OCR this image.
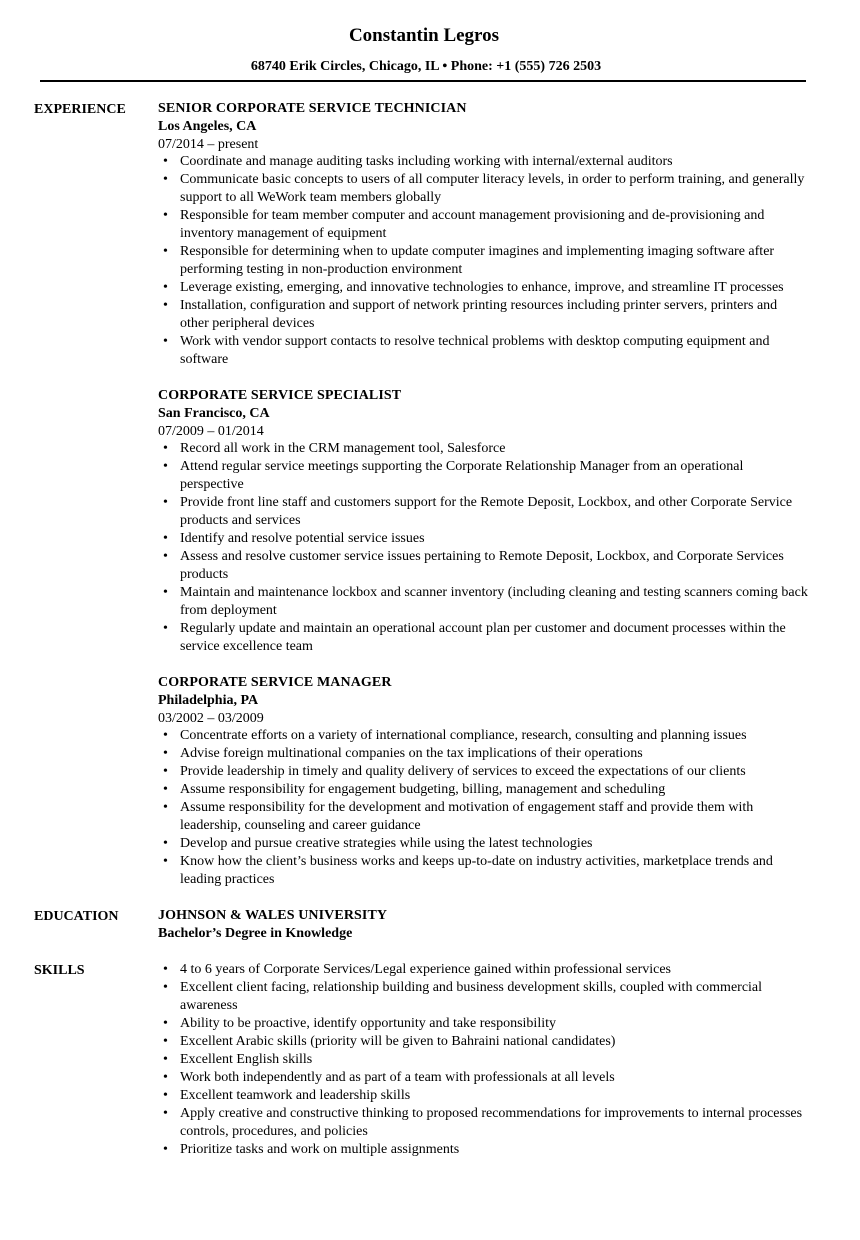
Constantin Legros
68740 Erik Circles, Chicago, IL • Phone: +1 (555) 726 2503
EXPERIENCE	SENIOR CORPORATE SERVICE TECHNICIAN
Los Angeles, CA
07/2014 – present
• Coordinate and manage auditing tasks including working with internal/external auditors
• Communicate basic concepts to users of all computer literacy levels, in order to perform training, and generally support to all WeWork team members globally
• Responsible for team member computer and account management provisioning and de-provisioning and inventory management of equipment
• Responsible for determining when to update computer imagines and implementing imaging software after performing testing in non-production environment
• Leverage existing, emerging, and innovative technologies to enhance, improve, and streamline IT processes
• Installation, configuration and support of network printing resources including printer servers, printers and other peripheral devices
• Work with vendor support contacts to resolve technical problems with desktop computing equipment and software
CORPORATE SERVICE SPECIALIST
San Francisco, CA
07/2009 – 01/2014
• Record all work in the CRM management tool, Salesforce
• Attend regular service meetings supporting the Corporate Relationship Manager from an operational perspective
• Provide front line staff and customers support for the Remote Deposit, Lockbox, and other Corporate Service products and services
• Identify and resolve potential service issues
• Assess and resolve customer service issues pertaining to Remote Deposit, Lockbox, and Corporate Services products
• Maintain and maintenance lockbox and scanner inventory (including cleaning and testing scanners coming back from deployment
• Regularly update and maintain an operational account plan per customer and document processes within the service excellence team
CORPORATE SERVICE MANAGER
Philadelphia, PA
03/2002 – 03/2009
• Concentrate efforts on a variety of international compliance, research, consulting and planning issues
• Advise foreign multinational companies on the tax implications of their operations
• Provide leadership in timely and quality delivery of services to exceed the expectations of our clients
• Assume responsibility for engagement budgeting, billing, management and scheduling
• Assume responsibility for the development and motivation of engagement staff and provide them with leadership, counseling and career guidance
• Develop and pursue creative strategies while using the latest technologies
• Know how the client’s business works and keeps up-to-date on industry activities, marketplace trends and leading practices
EDUCATION	JOHNSON & WALES UNIVERSITY
Bachelor’s Degree in Knowledge
SKILLS	• 4 to 6 years of Corporate Services/Legal experience gained within professional services
• Excellent client facing, relationship building and business development skills, coupled with commercial awareness
• Ability to be proactive, identify opportunity and take responsibility
• Excellent Arabic skills (priority will be given to Bahraini national candidates)
• Excellent English skills
• Work both independently and as part of a team with professionals at all levels
• Excellent teamwork and leadership skills
• Apply creative and constructive thinking to proposed recommendations for improvements to internal processes controls, procedures, and policies
• Prioritize tasks and work on multiple assignments
